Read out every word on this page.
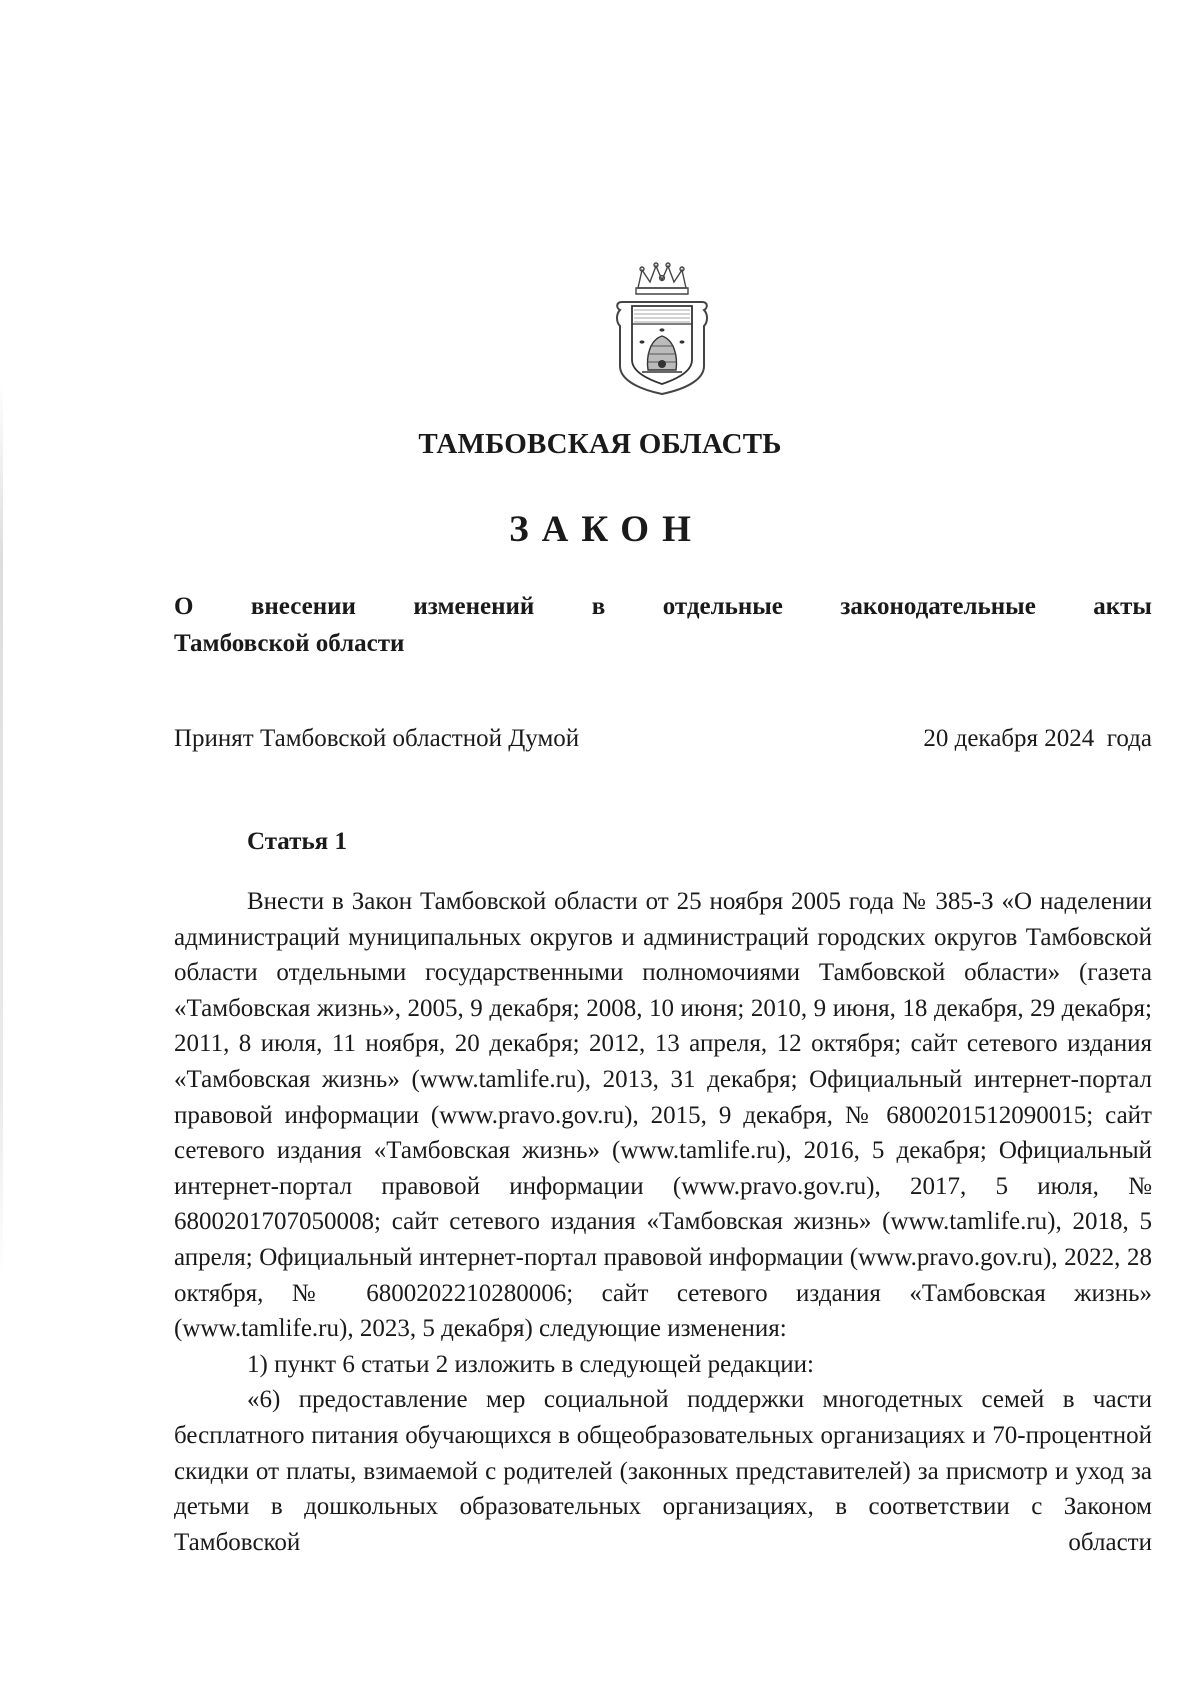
ТАМБОВСКАЯ ОБЛАСТЬ
ЗАКОН
О внесении изменений в отдельные законодательные акты
Тамбовской области
Принят Тамбовской областной Думой	20 декабря 2024  года
Статья 1

Внести в Закон Тамбовской области от 25 ноября 2005 года № 385-З «О наделении администраций муниципальных округов и администраций городских округов Тамбовской области отдельными государственными полномочиями Тамбовской области» (газета «Тамбовская жизнь», 2005, 9 декабря; 2008, 10 июня; 2010, 9 июня, 18 декабря, 29 декабря; 2011, 8 июля, 11 ноября, 20 декабря; 2012, 13 апреля, 12 октября; сайт сетевого издания «Тамбовская жизнь» (www.tamlife.ru), 2013, 31 декабря; Официальный интернет-портал правовой информации (www.pravo.gov.ru), 2015, 9 декабря, № 6800201512090015; сайт сетевого издания «Тамбовская жизнь» (www.tamlife.ru), 2016, 5 декабря; Официальный интернет-портал правовой информации (www.pravo.gov.ru), 2017, 5 июля, № 6800201707050008; сайт сетевого издания «Тамбовская жизнь» (www.tamlife.ru), 2018, 5 апреля; Официальный интернет-портал правовой информации (www.pravo.gov.ru), 2022, 28 октября, № 6800202210280006; сайт сетевого издания «Тамбовская жизнь» (www.tamlife.ru), 2023, 5 декабря) следующие изменения:

1) пункт 6 статьи 2 изложить в следующей редакции:

«6) предоставление мер социальной поддержки многодетных семей в части бесплатного питания обучающихся в общеобразовательных организациях и 70-процентной скидки от платы, взимаемой с родителей (законных представителей) за присмотр и уход за детьми в дошкольных образовательных организациях, в соответствии с Законом Тамбовской области
